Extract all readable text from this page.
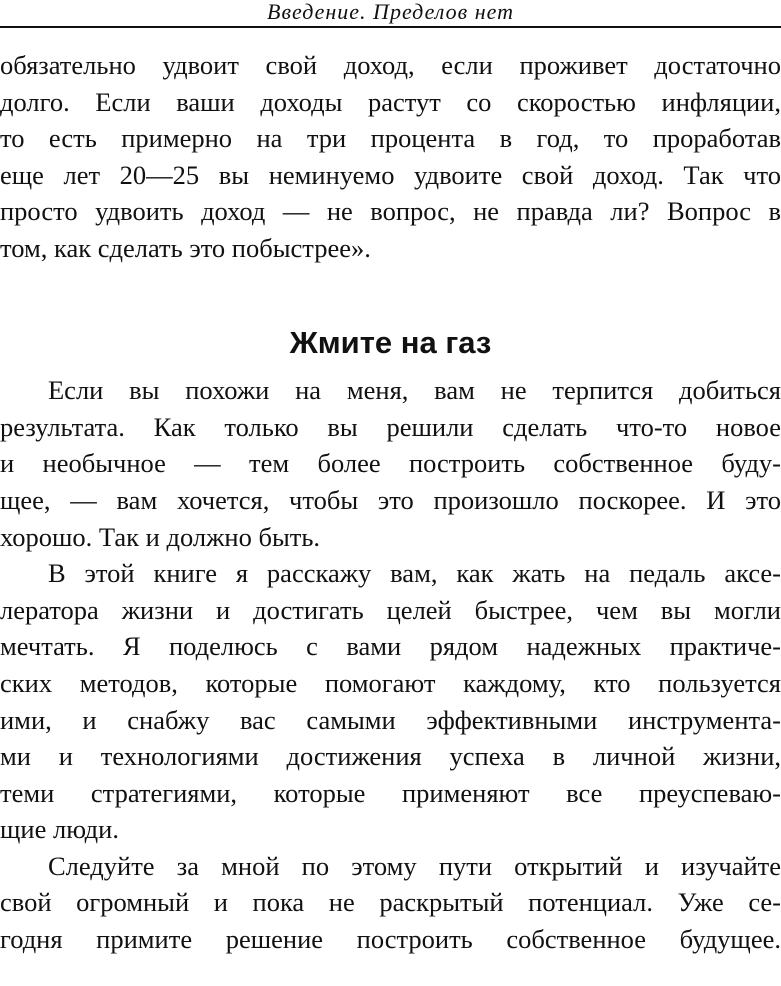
Введение. Пределов нет
обязательно удвоит свой доход, если проживет достаточно
долго. Если ваши доходы растут со скоростью инфляции,
то есть примерно на три процента в год, то проработав
еще лет 20—25 вы неминуемо удвоите свой доход. Так что
просто удвоить доход — не вопрос, не правда ли? Вопрос в
том, как сделать это побыстрее».
Жмите на газ
Если вы похожи на меня, вам не терпится добиться
результата. Как только вы решили сделать что-то новое
и необычное — тем более построить собственное буду-
щее, — вам хочется, чтобы это произошло поскорее. И это
хорошо. Так и должно быть.
В этой книге я расскажу вам, как жать на педаль аксе-
лератора жизни и достигать целей быстрее, чем вы могли
мечтать. Я поделюсь с вами рядом надежных практиче-
ских методов, которые помогают каждому, кто пользуется
ими, и снабжу вас самыми эффективными инструмента-
ми и технологиями достижения успеха в личной жизни,
теми стратегиями, которые применяют все преуспеваю-
щие люди.
Следуйте за мной по этому пути открытий и изучайте
свой огромный и пока не раскрытый потенциал. Уже се-
годня примите решение построить собственное будущее.
